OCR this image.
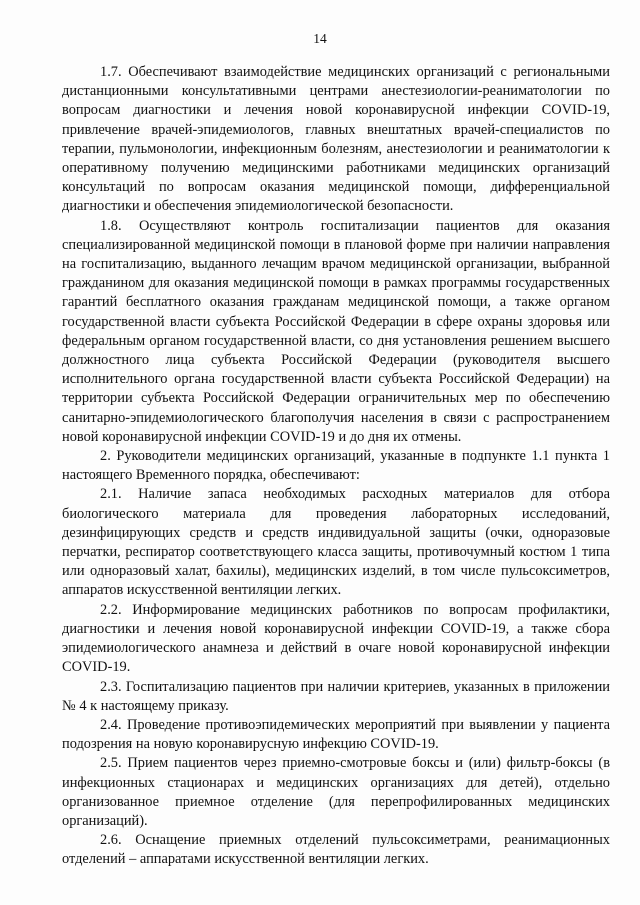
14

1.7. Обеспечивают взаимодействие медицинских организаций с региональными дистанционными консультативными центрами анестезиологии-реаниматологии по вопросам диагностики и лечения новой коронавирусной инфекции COVID-19, привлечение врачей-эпидемиологов, главных внештатных врачей-специалистов по терапии, пульмонологии, инфекционным болезням, анестезиологии и реаниматологии к оперативному получению медицинскими работниками медицинских организаций консультаций по вопросам оказания медицинской помощи, дифференциальной диагностики и обеспечения эпидемиологической безопасности.

1.8. Осуществляют контроль госпитализации пациентов для оказания специализированной медицинской помощи в плановой форме при наличии направления на госпитализацию, выданного лечащим врачом медицинской организации, выбранной гражданином для оказания медицинской помощи в рамках программы государственных гарантий бесплатного оказания гражданам медицинской помощи, а также органом государственной власти субъекта Российской Федерации в сфере охраны здоровья или федеральным органом государственной власти, со дня установления решением высшего должностного лица субъекта Российской Федерации (руководителя высшего исполнительного органа государственной власти субъекта Российской Федерации) на территории субъекта Российской Федерации ограничительных мер по обеспечению санитарно-эпидемиологического благополучия населения в связи с распространением новой коронавирусной инфекции COVID-19 и до дня их отмены.

2. Руководители медицинских организаций, указанные в подпункте 1.1 пункта 1 настоящего Временного порядка, обеспечивают:

2.1. Наличие запаса необходимых расходных материалов для отбора биологического материала для проведения лабораторных исследований, дезинфицирующих средств и средств индивидуальной защиты (очки, одноразовые перчатки, респиратор соответствующего класса защиты, противочумный костюм 1 типа или одноразовый халат, бахилы), медицинских изделий, в том числе пульсоксиметров, аппаратов искусственной вентиляции легких.

2.2. Информирование медицинских работников по вопросам профилактики, диагностики и лечения новой коронавирусной инфекции COVID-19, а также сбора эпидемиологического анамнеза и действий в очаге новой коронавирусной инфекции COVID-19.

2.3. Госпитализацию пациентов при наличии критериев, указанных в приложении № 4 к настоящему приказу.

2.4. Проведение противоэпидемических мероприятий при выявлении у пациента подозрения на новую коронавирусную инфекцию COVID-19.

2.5. Прием пациентов через приемно-смотровые боксы и (или) фильтр-боксы (в инфекционных стационарах и медицинских организациях для детей), отдельно организованное приемное отделение (для перепрофилированных медицинских организаций).

2.6. Оснащение приемных отделений пульсоксиметрами, реанимационных отделений – аппаратами искусственной вентиляции легких.
